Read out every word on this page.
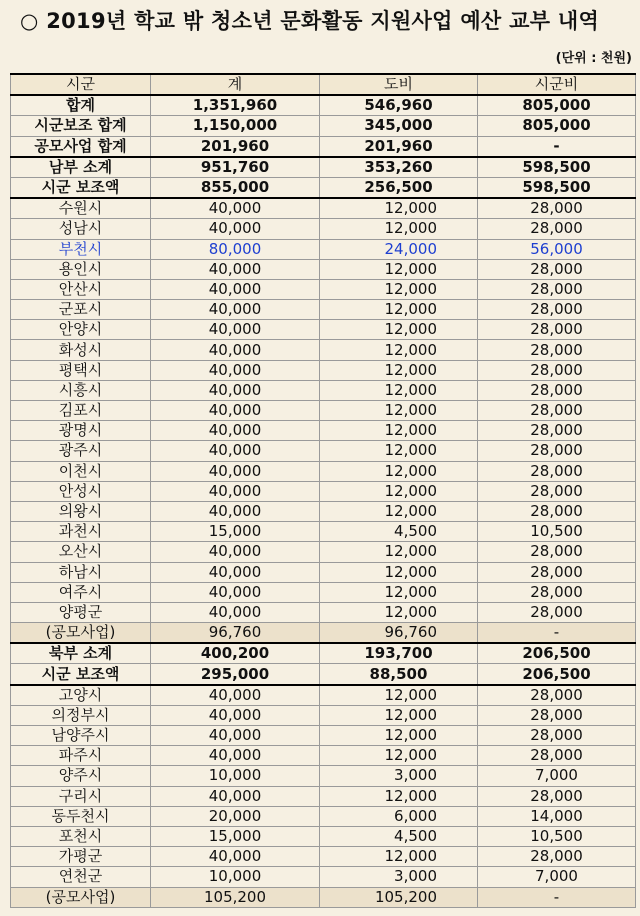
○ 2019년 학교 밖 청소년 문화활동 지원사업 예산 교부 내역
(단위 : 천원)
시군	계	도비	시군비
합계	1,351,960	546,960	805,000
시군보조 합계	1,150,000	345,000	805,000
공모사업 합계	201,960	201,960	-
남부 소계	951,760	353,260	598,500
시군 보조액	855,000	256,500	598,500
수원시	40,000	12,000	28,000
성남시	40,000	12,000	28,000
부천시	80,000	24,000	56,000
용인시	40,000	12,000	28,000
안산시	40,000	12,000	28,000
군포시	40,000	12,000	28,000
안양시	40,000	12,000	28,000
화성시	40,000	12,000	28,000
평택시	40,000	12,000	28,000
시흥시	40,000	12,000	28,000
김포시	40,000	12,000	28,000
광명시	40,000	12,000	28,000
광주시	40,000	12,000	28,000
이천시	40,000	12,000	28,000
안성시	40,000	12,000	28,000
의왕시	40,000	12,000	28,000
과천시	15,000	4,500	10,500
오산시	40,000	12,000	28,000
하남시	40,000	12,000	28,000
여주시	40,000	12,000	28,000
양평군	40,000	12,000	28,000
(공모사업)	96,760	96,760	-
북부 소계	400,200	193,700	206,500
시군 보조액	295,000	88,500	206,500
고양시	40,000	12,000	28,000
의정부시	40,000	12,000	28,000
남양주시	40,000	12,000	28,000
파주시	40,000	12,000	28,000
양주시	10,000	3,000	7,000
구리시	40,000	12,000	28,000
동두천시	20,000	6,000	14,000
포천시	15,000	4,500	10,500
가평군	40,000	12,000	28,000
연천군	10,000	3,000	7,000
(공모사업)	105,200	105,200	-
